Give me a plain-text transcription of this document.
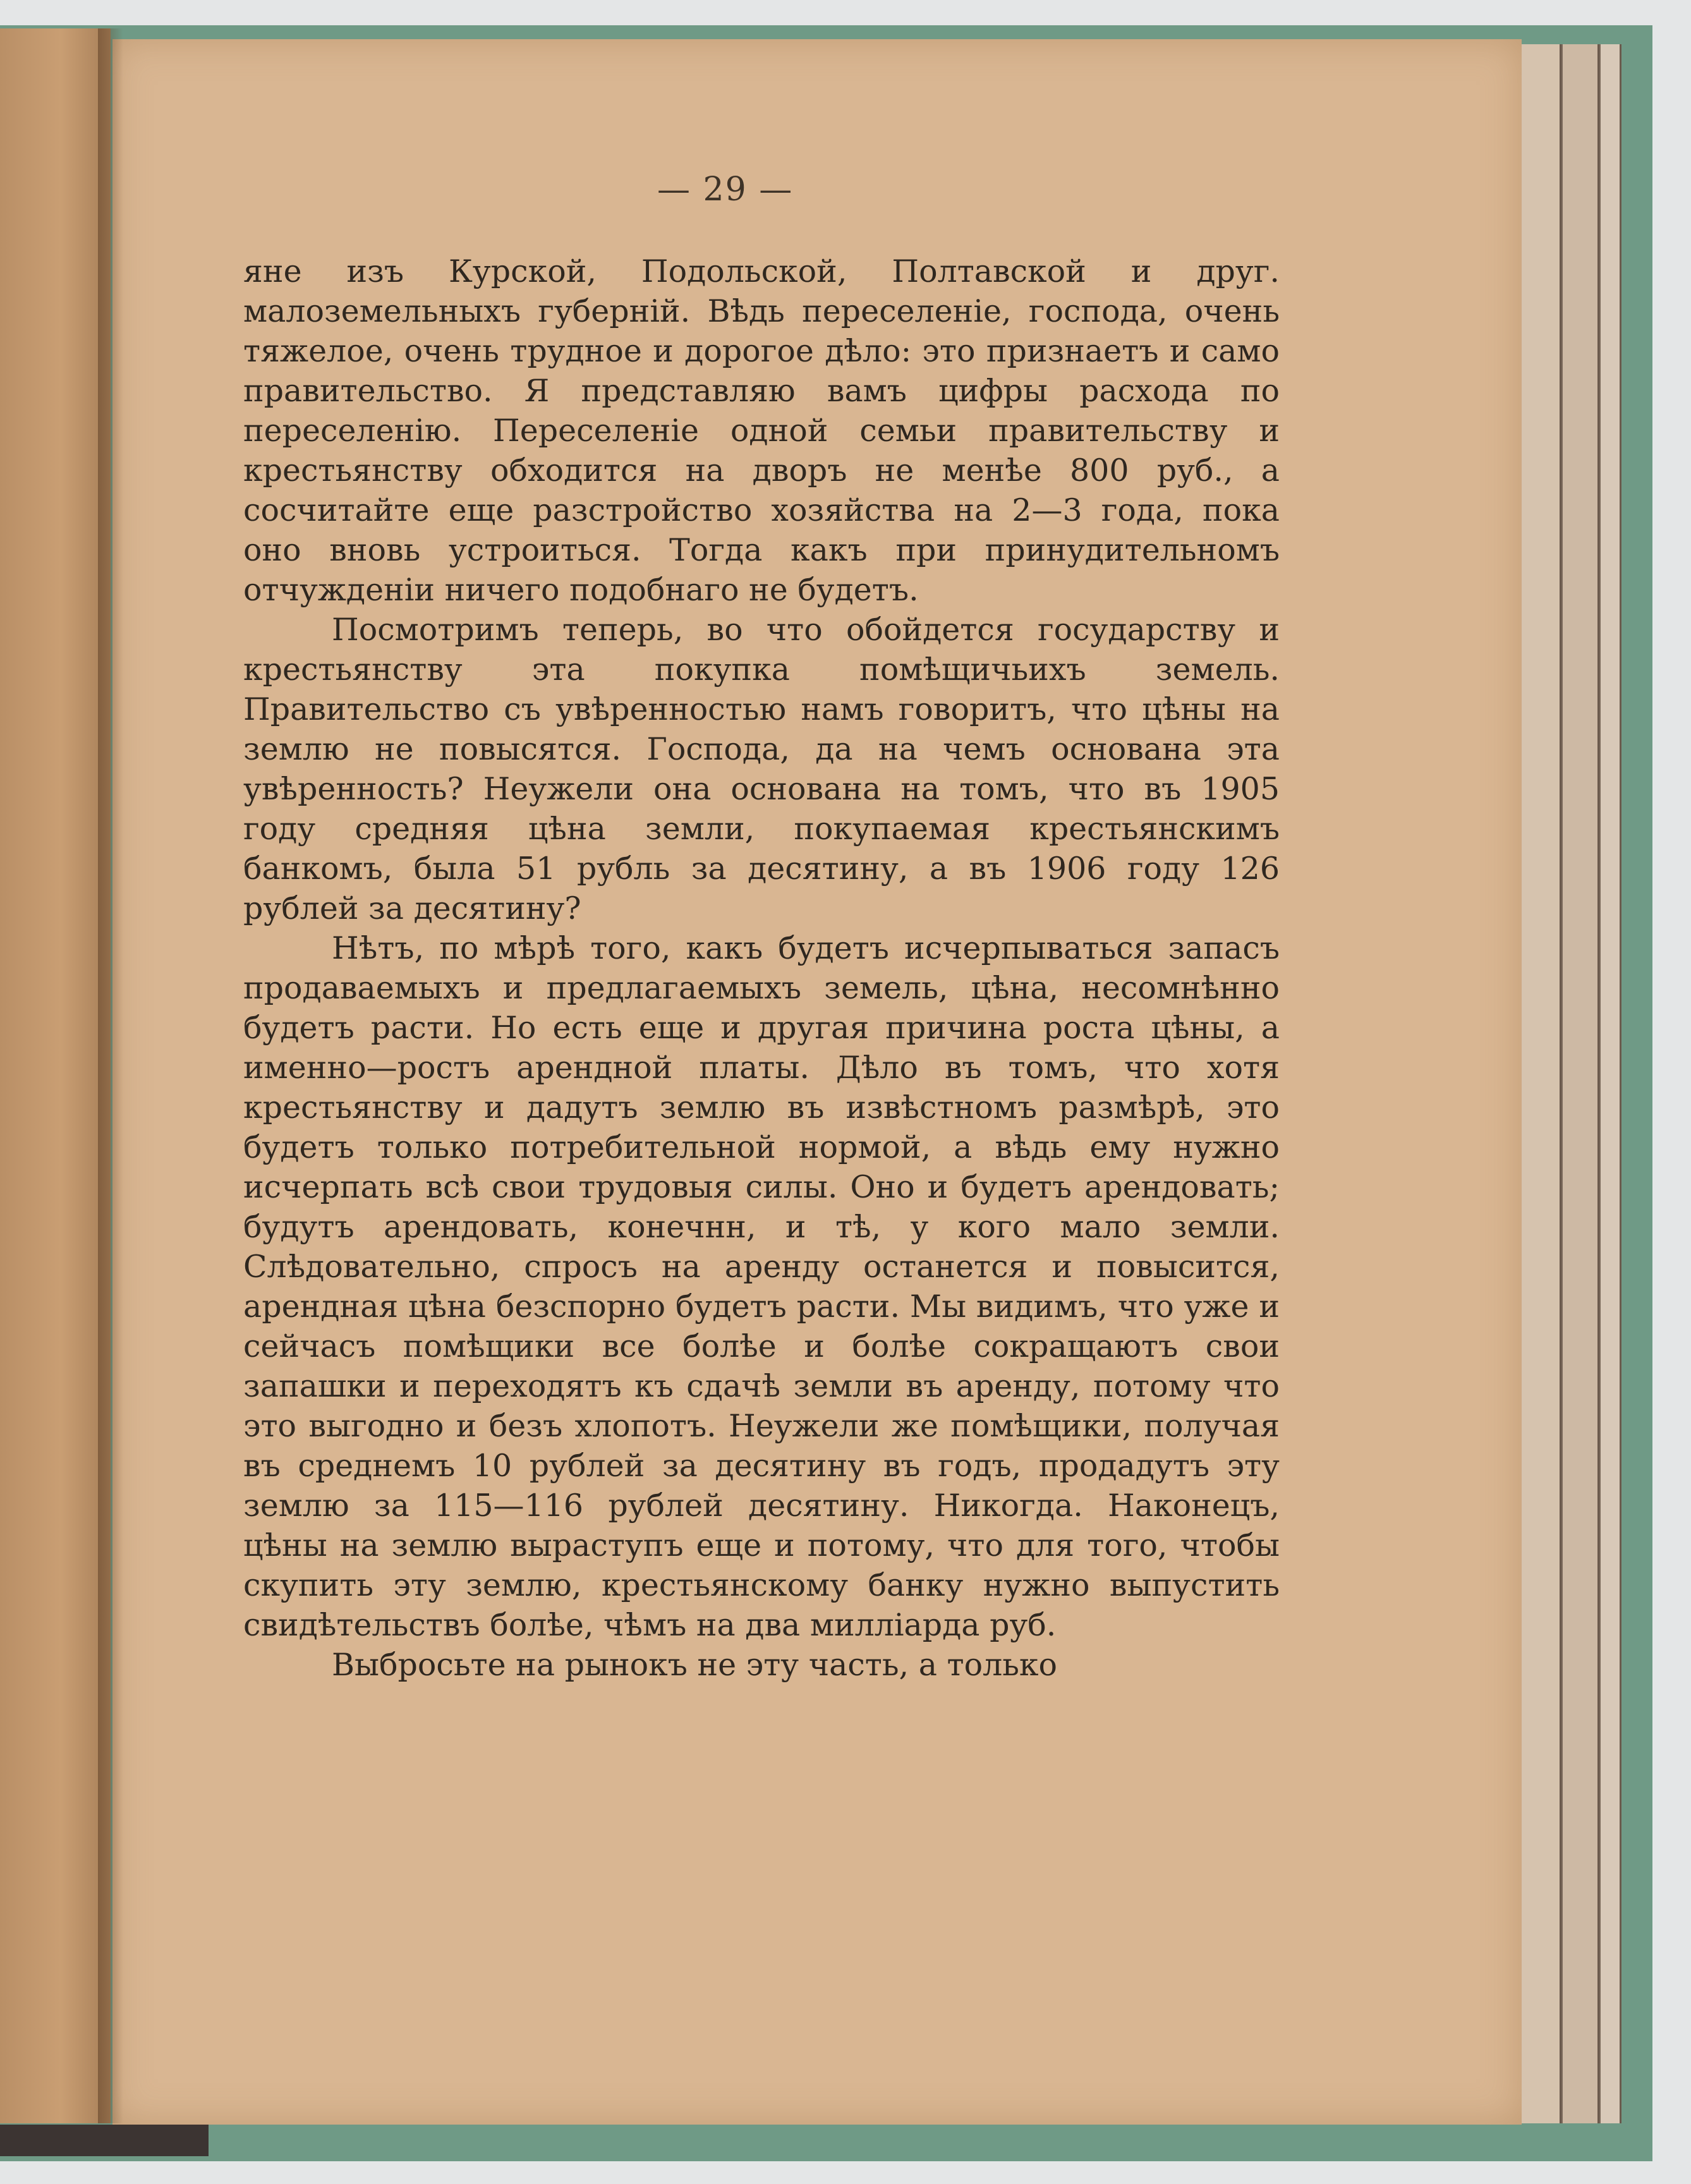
— 29 —

яне изъ Курской, Подольской, Полтавской и друг. малоземельныхъ губерній. Вѣдь переселеніе, господа, очень тяжелое, очень трудное и дорогое дѣло: это признаетъ и само правительство. Я представляю вамъ цифры расхода по переселенію. Переселеніе одной семьи правительству и крестьянству обходится на дворъ не менѣе 800 руб., а сосчитайте еще разстройство хозяйства на 2—3 года, пока оно вновь устроиться. Тогда какъ при принудительномъ отчужденіи ничего подобнаго не будетъ.

Посмотримъ теперь, во что обойдется государству и крестьянству эта покупка помѣщичьихъ земель. Правительство съ увѣренностью намъ говоритъ, что цѣны на землю не повысятся. Господа, да на чемъ основана эта увѣренность? Неужели она основана на томъ, что въ 1905 году средняя цѣна земли, покупаемая крестьянскимъ банкомъ, была 51 рубль за десятину, а въ 1906 году 126 рублей за десятину?

Нѣтъ, по мѣрѣ того, какъ будетъ исчерпываться запасъ продаваемыхъ и предлагаемыхъ земель, цѣна, несомнѣнно будетъ расти. Но есть еще и другая причина роста цѣны, а именно—ростъ арендной платы. Дѣло въ томъ, что хотя крестьянству и дадутъ землю въ извѣстномъ размѣрѣ, это будетъ только потребительной нормой, а вѣдь ему нужно исчерпать всѣ свои трудовыя силы. Оно и будетъ арендовать; будутъ арендовать, конечнн, и тѣ, у кого мало земли. Слѣдовательно, спросъ на аренду останется и повысится, арендная цѣна безспорно будетъ расти. Мы видимъ, что уже и сейчасъ помѣщики все болѣе и болѣе сокращаютъ свои запашки и переходятъ къ сдачѣ земли въ аренду, потому что это выгодно и безъ хлопотъ. Неужели же помѣщики, получая въ среднемъ 10 рублей за десятину въ годъ, продадутъ эту землю за 115—116 рублей десятину. Никогда. Наконецъ, цѣны на землю выраступъ еще и потому, что для того, чтобы скупить эту землю, крестьянскому банку нужно выпустить свидѣтельствъ болѣе, чѣмъ на два милліарда руб.

Выбросьте на рынокъ не эту часть, а только
